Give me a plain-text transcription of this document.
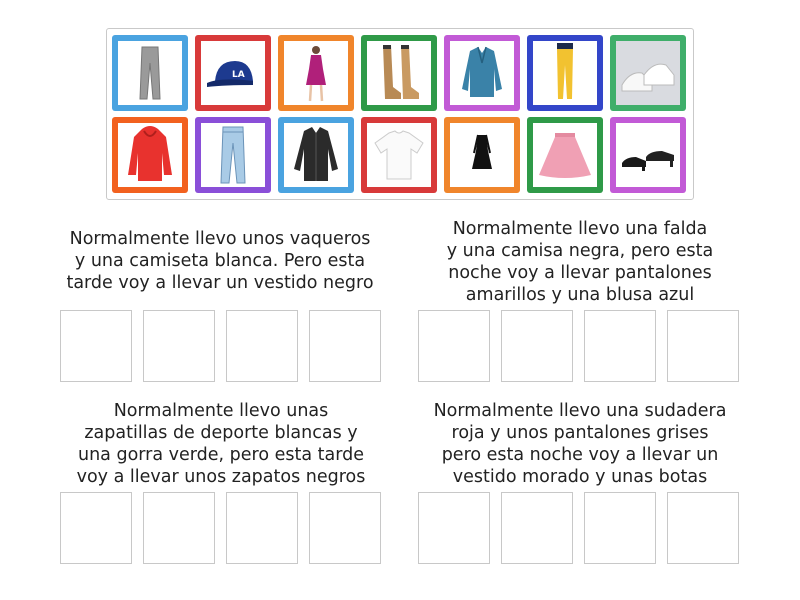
LA
Normalmente llevo unos vaqueros
y una camiseta blanca. Pero esta
tarde voy a llevar un vestido negro
Normalmente llevo una falda
y una camisa negra, pero esta
noche voy a llevar pantalones
amarillos y una blusa azul
Normalmente llevo unas
zapatillas de deporte blancas y
una gorra verde, pero esta tarde
voy a llevar unos zapatos negros
Normalmente llevo una sudadera
roja y unos pantalones grises
pero esta noche voy a llevar un
vestido morado y unas botas
